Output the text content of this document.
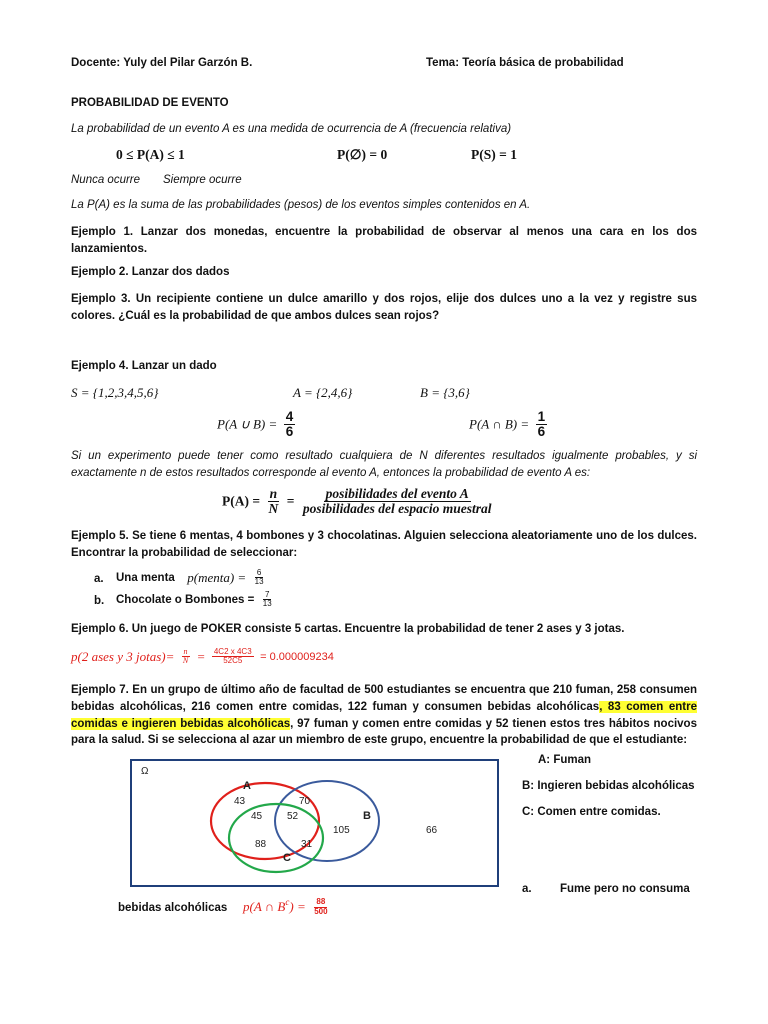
Docente: Yuly del Pilar Garzón B.	Tema: Teoría básica de probabilidad
PROBABILIDAD DE EVENTO
La probabilidad de un evento A es una medida de ocurrencia de A (frecuencia relativa)
0 ≤ P(A) ≤ 1	P(∅) = 0	P(S) = 1
Nunca ocurre Siempre ocurre
La P(A) es la suma de las probabilidades (pesos) de los eventos simples contenidos en A.
Ejemplo 1. Lanzar dos monedas, encuentre la probabilidad de observar al menos una cara en los dos lanzamientos.
Ejemplo 2. Lanzar dos dados
Ejemplo 3. Un recipiente contiene un dulce amarillo y dos rojos, elije dos dulces uno a la vez y registre sus colores. ¿Cuál es la probabilidad de que ambos dulces sean rojos?
Ejemplo 4. Lanzar un dado
S = {1,2,3,4,5,6}	A = {2,4,6}	B = {3,6}
P(A ∪ $B) = \frac{4}{6}$	P(A ∩ $B) = \frac{1}{6}$
Si un experimento puede tener como resultado cualquiera de N diferentes resultados igualmente probables, y si exactamente n de estos resultados corresponde al evento A, entonces la probabilidad de evento A es:
$P(A) = \frac{n}{N} = \frac{\text{posibilidades del evento A}}{\text{posibilidades del espacio muestral}}$
Ejemplo 5. Se tiene 6 mentas, 4 bombones y 3 chocolatinas. Alguien selecciona aleatoriamente uno de los dulces. Encontrar la probabilidad de seleccionar:
a. Una menta p(menta) = $\frac{6}{13}$
b. Chocolate o Bombones = $\frac{7}{13}$
Ejemplo 6. Un juego de POKER consiste 5 cartas. Encuentre la probabilidad de tener 2 ases y 3 jotas.
p(2 ases y 3 jotas)= $\frac{n}{N} = \frac{4C2 x 4C3}{52C5} = 0.000009234$
Ejemplo 7. En un grupo de último año de facultad de 500 estudiantes se encuentra que 210 fuman, 258 consumen bebidas alcohólicas, 216 comen entre comidas, 122 fuman y consumen bebidas alcohólicas, 83 comen entre comidas e ingieren bebidas alcohólicas, 97 fuman y comen entre comidas y 52 tienen estos tres hábitos nocivos para la salud. Si se selecciona al azar un miembro de este grupo, encuentre la probabilidad de que el estudiante:
Ω
A
B
C
43	70
45 52
105
88	31
66
A: Fuman
B: Ingieren bebidas alcohólicas
C: Comen entre comidas.
a. Fume pero no consuma
bebidas alcohólicas p(A ∩ $B^c) = \frac{88}{500}$
